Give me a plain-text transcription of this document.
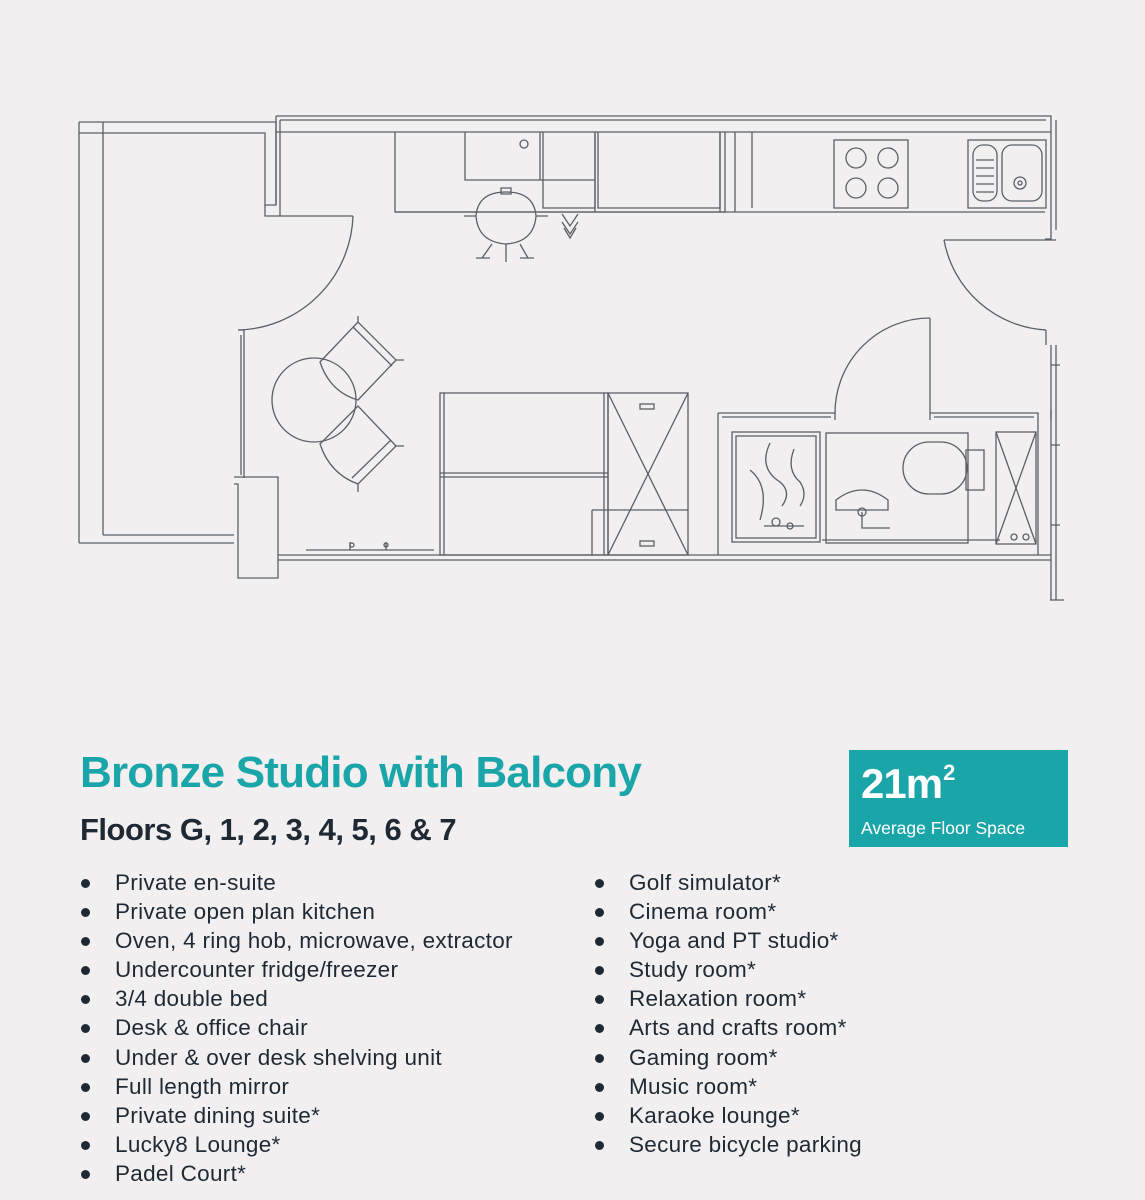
Bronze Studio with Balcony
Floors G, 1, 2, 3, 4, 5, 6 & 7
$21m^2$
Average Floor Space
Private en-suite
Private open plan kitchen
Oven, 4 ring hob, microwave, extractor
Undercounter fridge/freezer
3/4 double bed
Desk & office chair
Under & over desk shelving unit
Full length mirror
Private dining suite*
Lucky8 Lounge*
Padel Court*
Golf simulator*
Cinema room*
Yoga and PT studio*
Study room*
Relaxation room*
Arts and crafts room*
Gaming room*
Music room*
Karaoke lounge*
Secure bicycle parking
